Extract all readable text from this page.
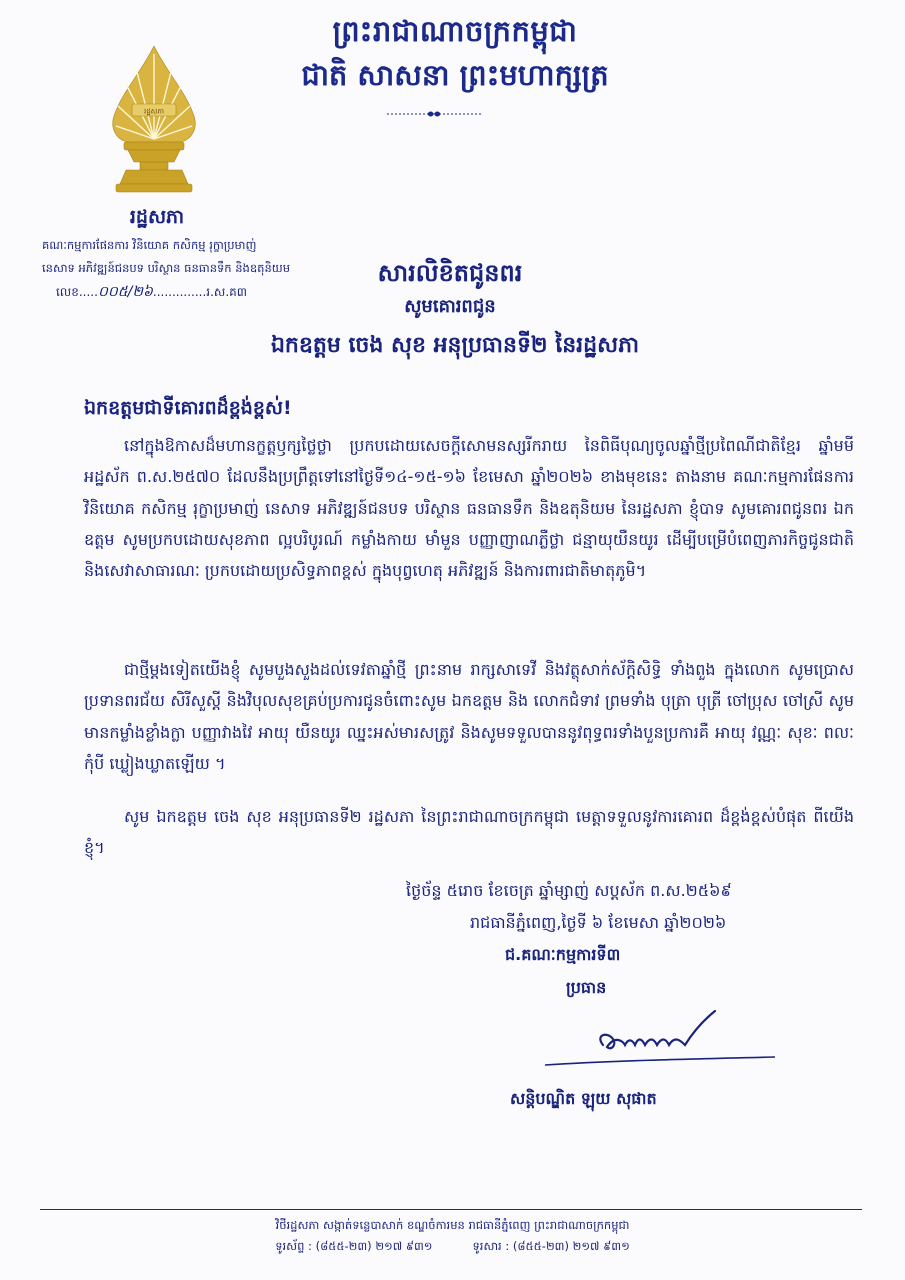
ព្រះរាជាណាចក្រកម្ពុជា
ជាតិ សាសនា ព្រះមហាក្សត្រ
រដ្ឋសភា
រដ្ឋសភា
គណៈកម្មការផែនការ វិនិយោគ កសិកម្ម រុក្ខាប្រមាញ់
នេសាទ អភិវឌ្ឍន៍ជនបទ បរិស្ថាន ធនធានទឹក និងឧតុនិយម
លេខ.....០០៥/២៦..............រ.ស.គ៣
សារលិខិតជូនពរ
សូមគោរពជូន
ឯកឧត្តម ចេង សុខ អនុប្រធានទី២ នៃរដ្ឋសភា
ឯកឧត្តមជាទីគោរពដ៏ខ្ពង់ខ្ពស់!
នៅក្នុងឱកាសដ៏មហានក្ខត្តឫក្សថ្លៃថ្លា ប្រកបដោយសេចក្តីសោមនស្សរីករាយ នៃពិធីបុណ្យចូលឆ្នាំថ្មីប្រពៃណីជាតិខ្មែរ ឆ្នាំមមី អដ្ឋស័ក ព.ស.២៥៧០ ដែលនឹងប្រព្រឹត្តទៅនៅថ្ងៃទី១៤-១៥-១៦ ខែមេសា ឆ្នាំ២០២៦ ខាងមុខនេះ តាងនាម គណៈកម្មការផែនការ វិនិយោគ កសិកម្ម រុក្ខាប្រមាញ់ នេសាទ អភិវឌ្ឍន៍ជនបទ បរិស្ថាន ធនធានទឹក និងឧតុនិយម នៃរដ្ឋសភា ខ្ញុំបាទ សូមគោរពជូនពរ ឯកឧត្តម សូមប្រកបដោយសុខភាព ល្អបរិបូរណ៍ កម្លាំងកាយ មាំមួន បញ្ញាញាណភ្លឺថ្លា ជន្មាយុយឺនយូរ ដើម្បីបម្រើបំពេញភារកិច្ចជូនជាតិ និងសេវាសាធារណៈ ប្រកបដោយប្រសិទ្ធភាពខ្ពស់ ក្នុងបុព្វហេតុ អភិវឌ្ឍន៍ និងការពារជាតិមាតុភូមិ។
ជាថ្មីម្តងទៀតយើងខ្ញុំ សូមបួងសួងដល់ទេវតាឆ្នាំថ្មី ព្រះនាម រាក្សសាទេវី និងវត្ថុសាក់ស័ក្តិសិទ្ធិ ទាំងពួង ក្នុងលោក សូមប្រោសប្រទានពរជ័យ សិរីសួស្តី និងវិបុលសុខគ្រប់ប្រការជូនចំពោះសូម ឯកឧត្តម និង លោកជំទាវ ព្រមទាំង បុត្រា បុត្រី ចៅប្រុស ចៅស្រី សូមមានកម្លាំងខ្លាំងក្លា បញ្ញាវាងវៃ អាយុ យឺនយូរ ឈ្នះអស់មារសត្រូវ និងសូមទទួលបាននូវពុទ្ធពរទាំងបួនប្រការគឺ អាយុ វណ្ណៈ សុខៈ ពលៈ កុំបី ឃ្លៀងឃ្លាតឡើយ ។
សូម ឯកឧត្តម ចេង សុខ អនុប្រធានទី២ រដ្ឋសភា នៃព្រះរាជាណាចក្រកម្ពុជា មេត្តាទទួលនូវការគោរព ដ៏ខ្ពង់ខ្ពស់បំផុត ពីយើងខ្ញុំ។
ថ្ងៃច័ន្ទ ៥រោច ខែចេត្រ ឆ្នាំម្សាញ់ សប្តស័ក ព.ស.២៥៦៩
រាជធានីភ្នំពេញ,ថ្ងៃទី ៦ ខែមេសា ឆ្នាំ២០២៦
ជ.គណៈកម្មការទី៣
ប្រធាន
សន្តិបណ្ឌិត ឡុយ សុផាត
វិថីរដ្ឋសភា សង្កាត់ទន្លេបាសាក់ ខណ្ឌចំការមន រាជធានីភ្នំពេញ ព្រះរាជាណាចក្រកម្ពុជា
ទូរស័ព្ទ : (៨៥៥-២៣) ២១៧ ៩៣១	ទូរសារ : (៨៥៥-២៣) ២១៧ ៩៣១
